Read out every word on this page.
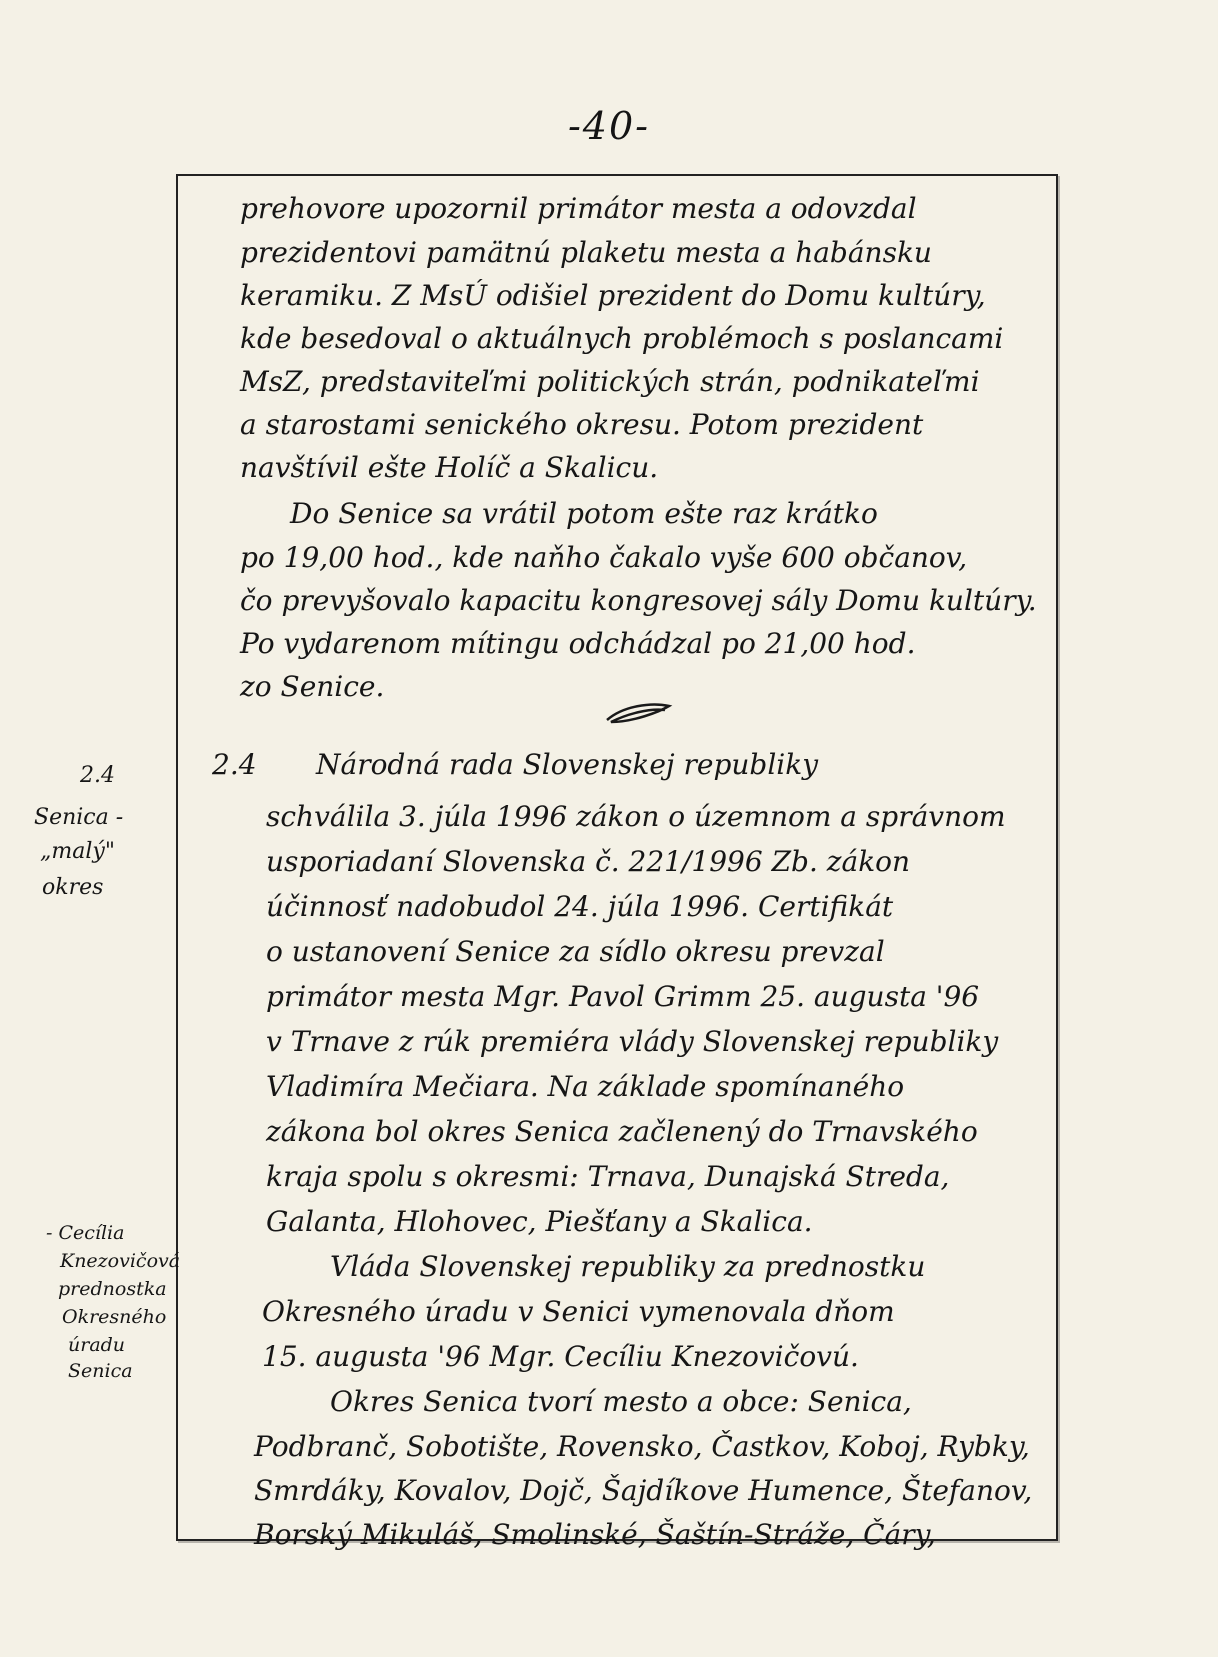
-40-
prehovore upozornil primátor mesta a odovzdal
prezidentovi pamätnú plaketu mesta a habánsku
keramiku. Z MsÚ odišiel prezident do Domu kultúry,
kde besedoval o aktuálnych problémoch s poslancami
MsZ, predstaviteľmi politických strán, podnikateľmi
a starostami senického okresu. Potom prezident
navštívil ešte Holíč a Skalicu.
Do Senice sa vrátil potom ešte raz krátko
po 19,00 hod., kde naňho čakalo vyše 600 občanov,
čo prevyšovalo kapacitu kongresovej sály Domu kultúry.
Po vydarenom mítingu odchádzal po 21,00 hod.
zo Senice.
2.4 Národná rada Slovenskej republiky
schválila 3. júla 1996 zákon o územnom a správnom
usporiadaní Slovenska č. 221/1996 Zb. zákon
účinnosť nadobudol 24. júla 1996. Certifikát
o ustanovení Senice za sídlo okresu prevzal
primátor mesta Mgr. Pavol Grimm 25. augusta '96
v Trnave z rúk premiéra vlády Slovenskej republiky
Vladimíra Mečiara. Na základe spomínaného
zákona bol okres Senica začlenený do Trnavského
kraja spolu s okresmi: Trnava, Dunajská Streda,
Galanta, Hlohovec, Piešťany a Skalica.
Vláda Slovenskej republiky za prednostku
Okresného úradu v Senici vymenovala dňom
15. augusta '96 Mgr. Cecíliu Knezovičovú.
Okres Senica tvorí mesto a obce: Senica,
Podbranč, Sobotište, Rovensko, Častkov, Koboj, Rybky,
Smrdáky, Kovalov, Dojč, Šajdíkove Humence, Štefanov,
Borský Mikuláš, Smolinské, Šaštín-Stráže, Čáry,
2.4
Senica -
„malý"
okres
- Cecília
Knezovičová
prednostka
Okresného
úradu
Senica
